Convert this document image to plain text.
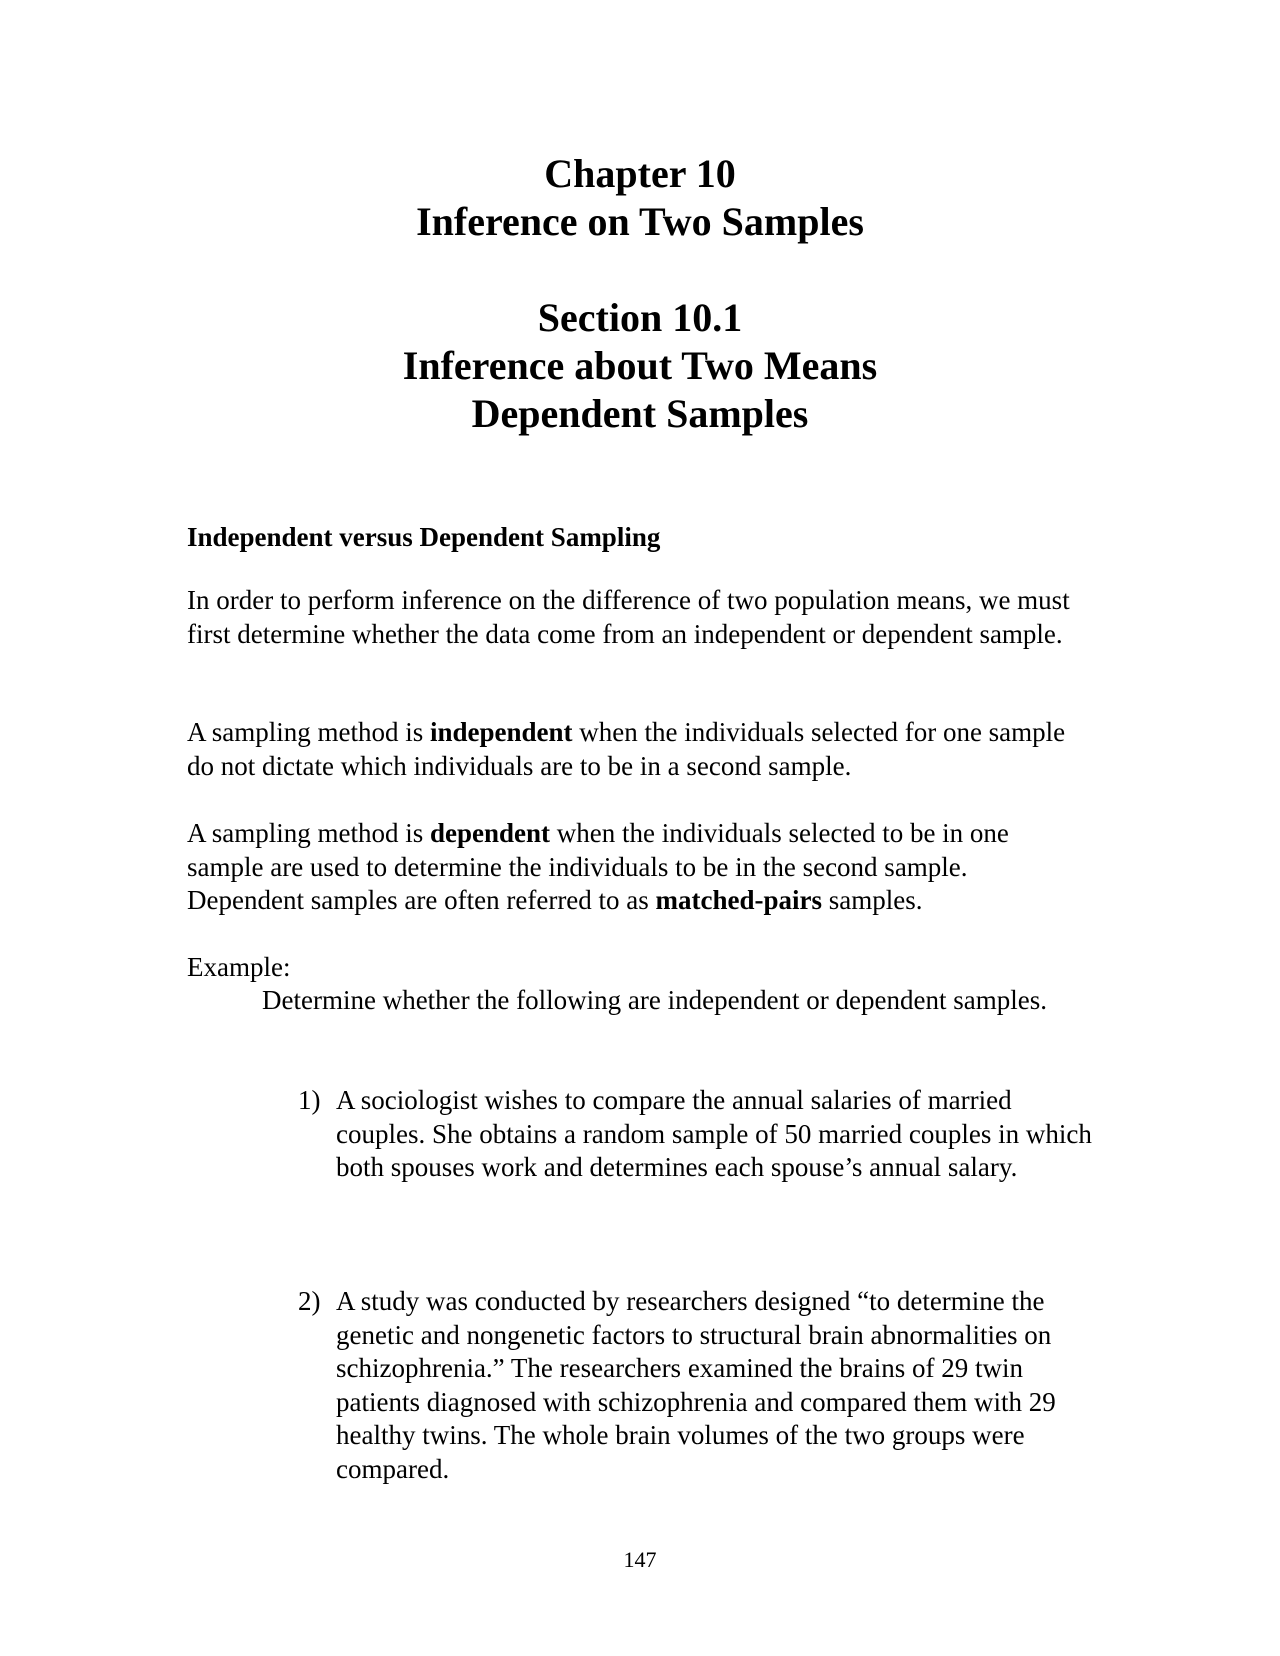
Chapter 10
Inference on Two Samples
Section 10.1
Inference about Two Means
Dependent Samples
Independent versus Dependent Sampling
In order to perform inference on the difference of two population means, we must first determine whether the data come from an independent or dependent sample.
A sampling method is independent when the individuals selected for one sample do not dictate which individuals are to be in a second sample.
A sampling method is dependent when the individuals selected to be in one sample are used to determine the individuals to be in the second sample. Dependent samples are often referred to as matched-pairs samples.
Example:
Determine whether the following are independent or dependent samples.
1) A sociologist wishes to compare the annual salaries of married couples. She obtains a random sample of 50 married couples in which both spouses work and determines each spouse’s annual salary.
2) A study was conducted by researchers designed “to determine the genetic and nongenetic factors to structural brain abnormalities on schizophrenia.” The researchers examined the brains of 29 twin patients diagnosed with schizophrenia and compared them with 29 healthy twins. The whole brain volumes of the two groups were compared.
147
